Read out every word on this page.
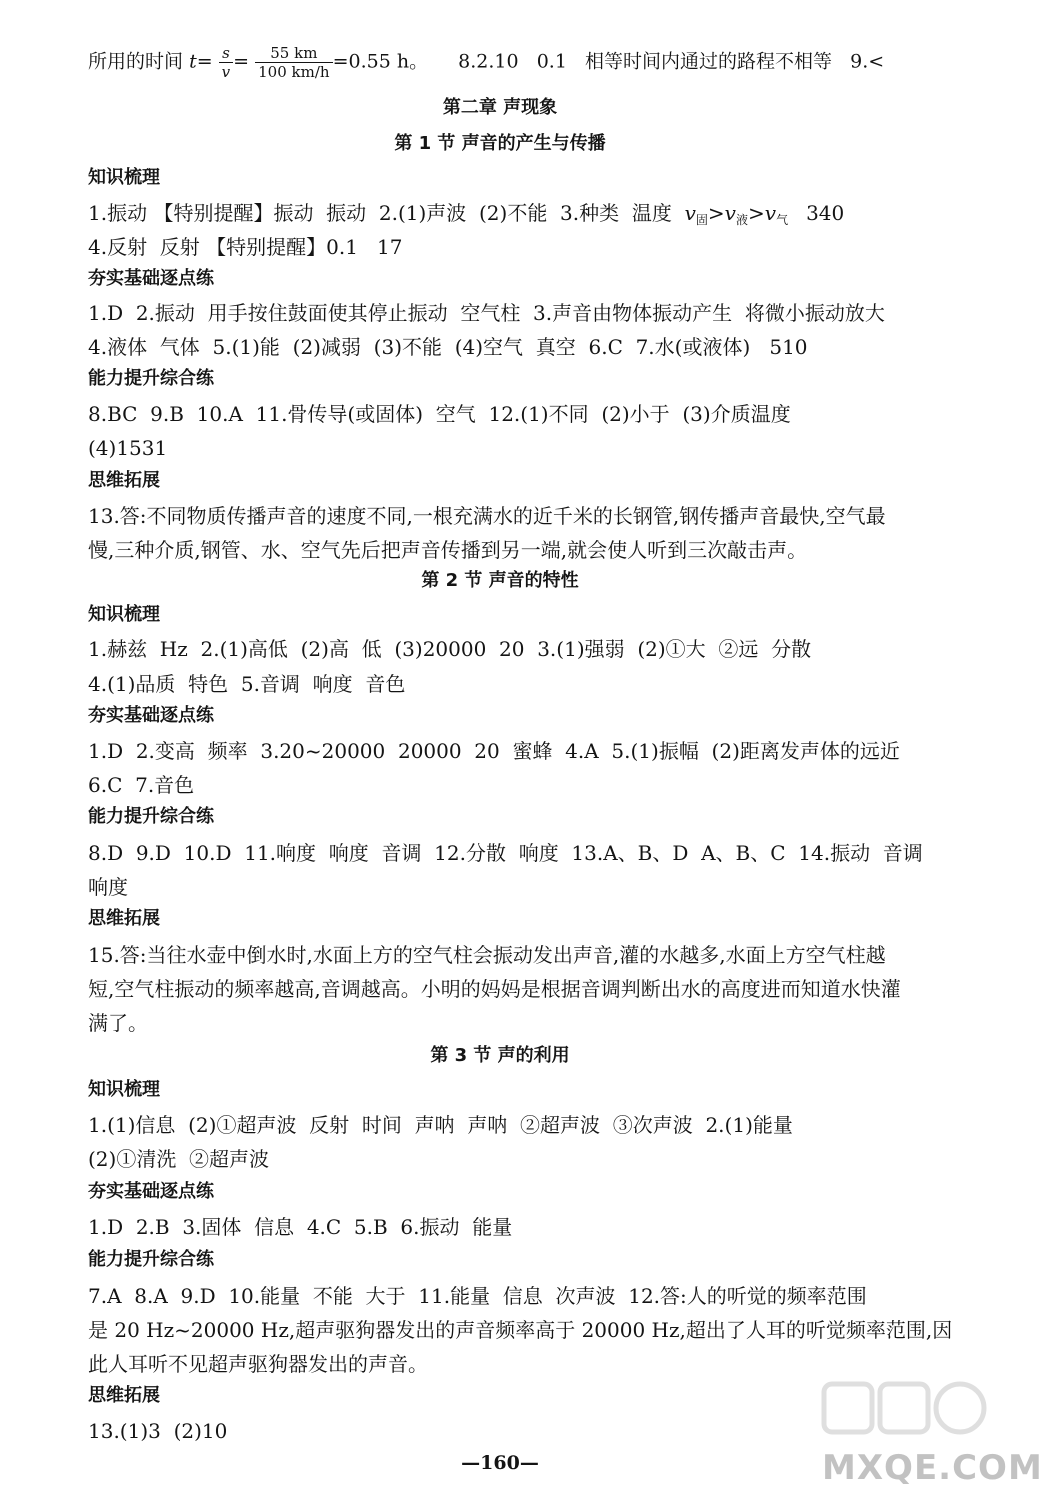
所用的时间 $t= \frac{s}{v} = \frac{55 km}{100 km/h} =0.55$ h。 8.2.10   0.1   相等时间内通过的路程不相等   9.<
第二章 声现象
第 1 节 声音的产生与传播
知识梳理
1.振动 【特别提醒】振动  振动  2.(1)声波  (2)不能  3.种类  温度  $v_固>v_液>v_气$ 340
4.反射  反射 【特别提醒】0.1   17
夯实基础逐点练
1.D  2.振动  用手按住鼓面使其停止振动  空气柱  3.声音由物体振动产生  将微小振动放大
4.液体  气体  5.(1)能  (2)减弱  (3)不能  (4)空气  真空  6.C  7.水(或液体)   510
能力提升综合练
8.BC  9.B  10.A  11.骨传导(或固体)  空气  12.(1)不同  (2)小于  (3)介质温度
(4)1531
思维拓展
13.答:不同物质传播声音的速度不同,一根充满水的近千米的长钢管,钢传播声音最快,空气最
慢,三种介质,钢管、水、空气先后把声音传播到另一端,就会使人听到三次敲击声。
第 2 节 声音的特性
知识梳理
1.赫兹  Hz  2.(1)高低  (2)高  低  (3)20000  20  3.(1)强弱  (2)①大  ②远  分散
4.(1)品质  特色  5.音调  响度  音色
夯实基础逐点练
1.D  2.变高  频率  3.20~20000  20000  20  蜜蜂  4.A  5.(1)振幅  (2)距离发声体的远近
6.C  7.音色
能力提升综合练
8.D  9.D  10.D  11.响度  响度  音调  12.分散  响度  13.A、B、D  A、B、C  14.振动  音调
响度
思维拓展
15.答:当往水壶中倒水时,水面上方的空气柱会振动发出声音,灌的水越多,水面上方空气柱越
短,空气柱振动的频率越高,音调越高。小明的妈妈是根据音调判断出水的高度进而知道水快灌
满了。
第 3 节 声的利用
知识梳理
1.(1)信息  (2)①超声波  反射  时间  声呐  声呐  ②超声波  ③次声波  2.(1)能量
(2)①清洗  ②超声波
夯实基础逐点练
1.D  2.B  3.固体  信息  4.C  5.B  6.振动  能量
能力提升综合练
7.A  8.A  9.D  10.能量  不能  大于  11.能量  信息  次声波  12.答:人的听觉的频率范围
是 20 Hz~20000 Hz,超声驱狗器发出的声音频率高于 20000 Hz,超出了人耳的听觉频率范围,因
此人耳听不见超声驱狗器发出的声音。
思维拓展
13.(1)3  (2)10
MXQE.COM
—160—
